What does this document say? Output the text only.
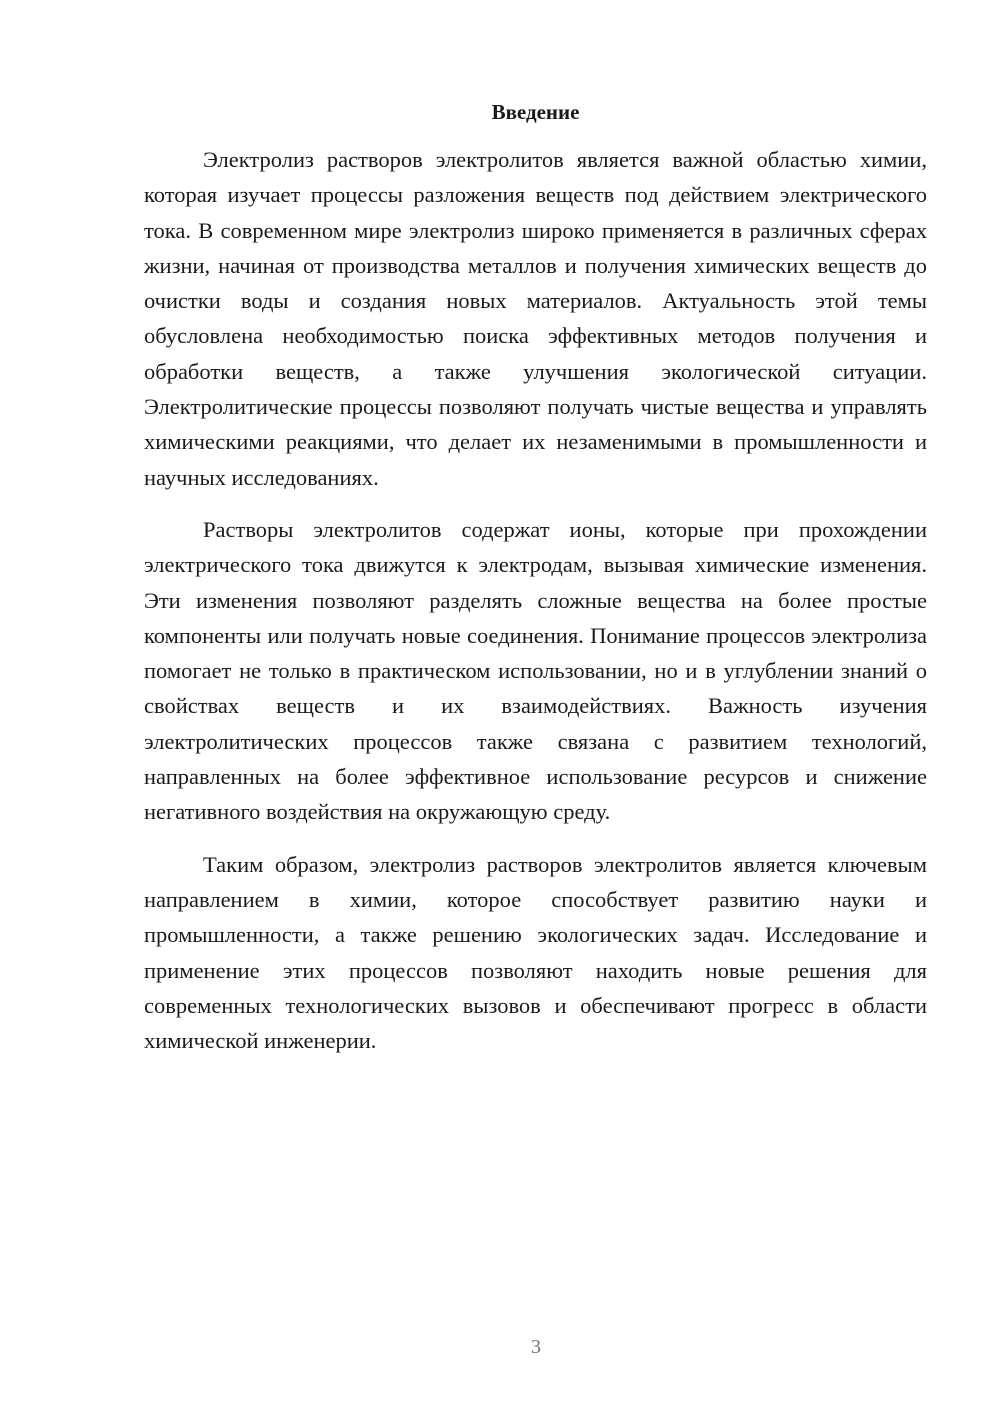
Введение

Электролиз растворов электролитов является важной областью химии, которая изучает процессы разложения веществ под действием электрического тока. В современном мире электролиз широко применяется в различных сферах жизни, начиная от производства металлов и получения химических веществ до очистки воды и создания новых материалов. Актуальность этой темы обусловлена необходимостью поиска эффективных методов получения и обработки веществ, а также улучшения экологической ситуации. Электролитические процессы позволяют получать чистые вещества и управлять химическими реакциями, что делает их незаменимыми в промышленности и научных исследованиях.

Растворы электролитов содержат ионы, которые при прохождении электрического тока движутся к электродам, вызывая химические изменения. Эти изменения позволяют разделять сложные вещества на более простые компоненты или получать новые соединения. Понимание процессов электролиза помогает не только в практическом использовании, но и в углублении знаний о свойствах веществ и их взаимодействиях. Важность изучения электролитических процессов также связана с развитием технологий, направленных на более эффективное использование ресурсов и снижение негативного воздействия на окружающую среду.

Таким образом, электролиз растворов электролитов является ключевым направлением в химии, которое способствует развитию науки и промышленности, а также решению экологических задач. Исследование и применение этих процессов позволяют находить новые решения для современных технологических вызовов и обеспечивают прогресс в области химической инженерии.

3
